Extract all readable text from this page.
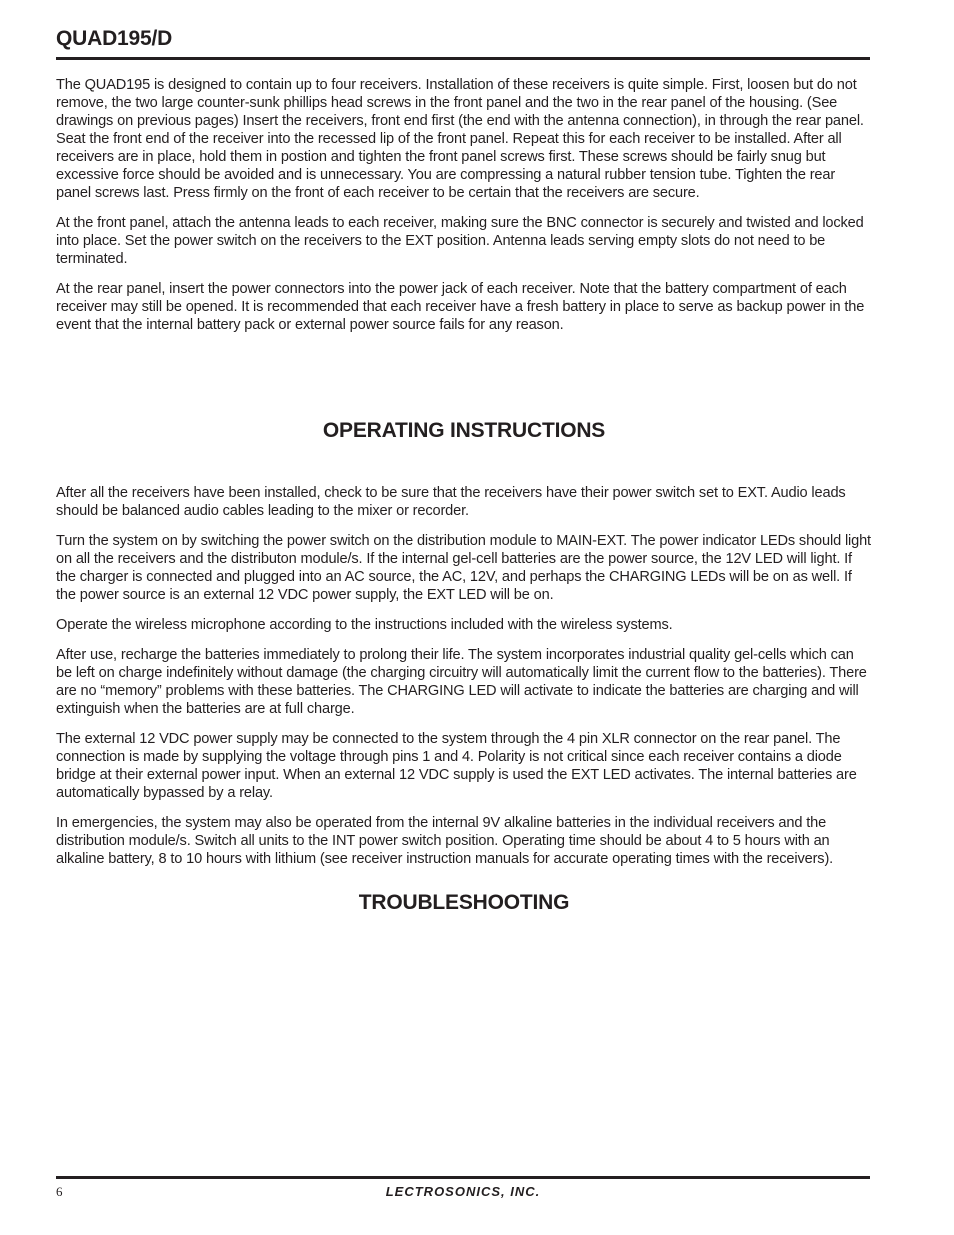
QUAD195/D

The QUAD195 is designed to contain up to four receivers. Installation of these receivers is quite simple. First, loosen but do not remove, the two large counter-sunk phillips head screws in the front panel and the two in the rear panel of the housing. (See drawings on previous pages) Insert the receivers, front end first (the end with the antenna connection), in through the rear panel. Seat the front end of the receiver into the recessed lip of the front panel. Repeat this for each receiver to be installed. After all receivers are in place, hold them in postion and tighten the front panel screws first. These screws should be fairly snug but excessive force should be avoided and is unnecessary. You are compressing a natural rubber tension tube. Tighten the rear panel screws last. Press firmly on the front of each receiver to be certain that the receivers are secure.

At the front panel, attach the antenna leads to each receiver, making sure the BNC connector is securely and twisted and locked into place. Set the power switch on the receivers to the EXT position. Antenna leads serving empty slots do not need to be terminated.

At the rear panel, insert the power connectors into the power jack of each receiver. Note that the battery compartment of each receiver may still be opened. It is recommended that each receiver have a fresh battery in place to serve as backup power in the event that the internal battery pack or external power source fails for any reason.

OPERATING INSTRUCTIONS

After all the receivers have been installed, check to be sure that the receivers have their power switch set to EXT. Audio leads should be balanced audio cables leading to the mixer or recorder.

Turn the system on by switching the power switch on the distribution module to MAIN-EXT. The power indicator LEDs should light on all the receivers and the distributon module/s. If the internal gel-cell batteries are the power source, the 12V LED will light. If the charger is connected and plugged into an AC source, the AC, 12V, and perhaps the CHARGING LEDs will be on as well. If the power source is an external 12 VDC power supply, the EXT LED will be on.

Operate the wireless microphone according to the instructions included with the wireless systems.

After use, recharge the batteries immediately to prolong their life. The system incorporates industrial quality gel-cells which can be left on charge indefinitely without damage (the charging circuitry will automatically limit the current flow to the batteries). There are no “memory” problems with these batteries. The CHARGING LED will activate to indicate the batteries are charging and will extinguish when the batteries are at full charge.

The external 12 VDC power supply may be connected to the system through the 4 pin XLR connector on the rear panel. The connection is made by supplying the voltage through pins 1 and 4. Polarity is not critical since each receiver contains a diode bridge at their external power input. When an external 12 VDC supply is used the EXT LED activates. The internal batteries are automatically bypassed by a relay.

In emergencies, the system may also be operated from the internal 9V alkaline batteries in the individual receivers and the distribution module/s. Switch all units to the INT power switch position. Operating time should be about 4 to 5 hours with an alkaline battery, 8 to 10 hours with lithium (see receiver instruction manuals for accurate operating times with the receivers).

TROUBLESHOOTING
6	LECTROSONICS, INC.
